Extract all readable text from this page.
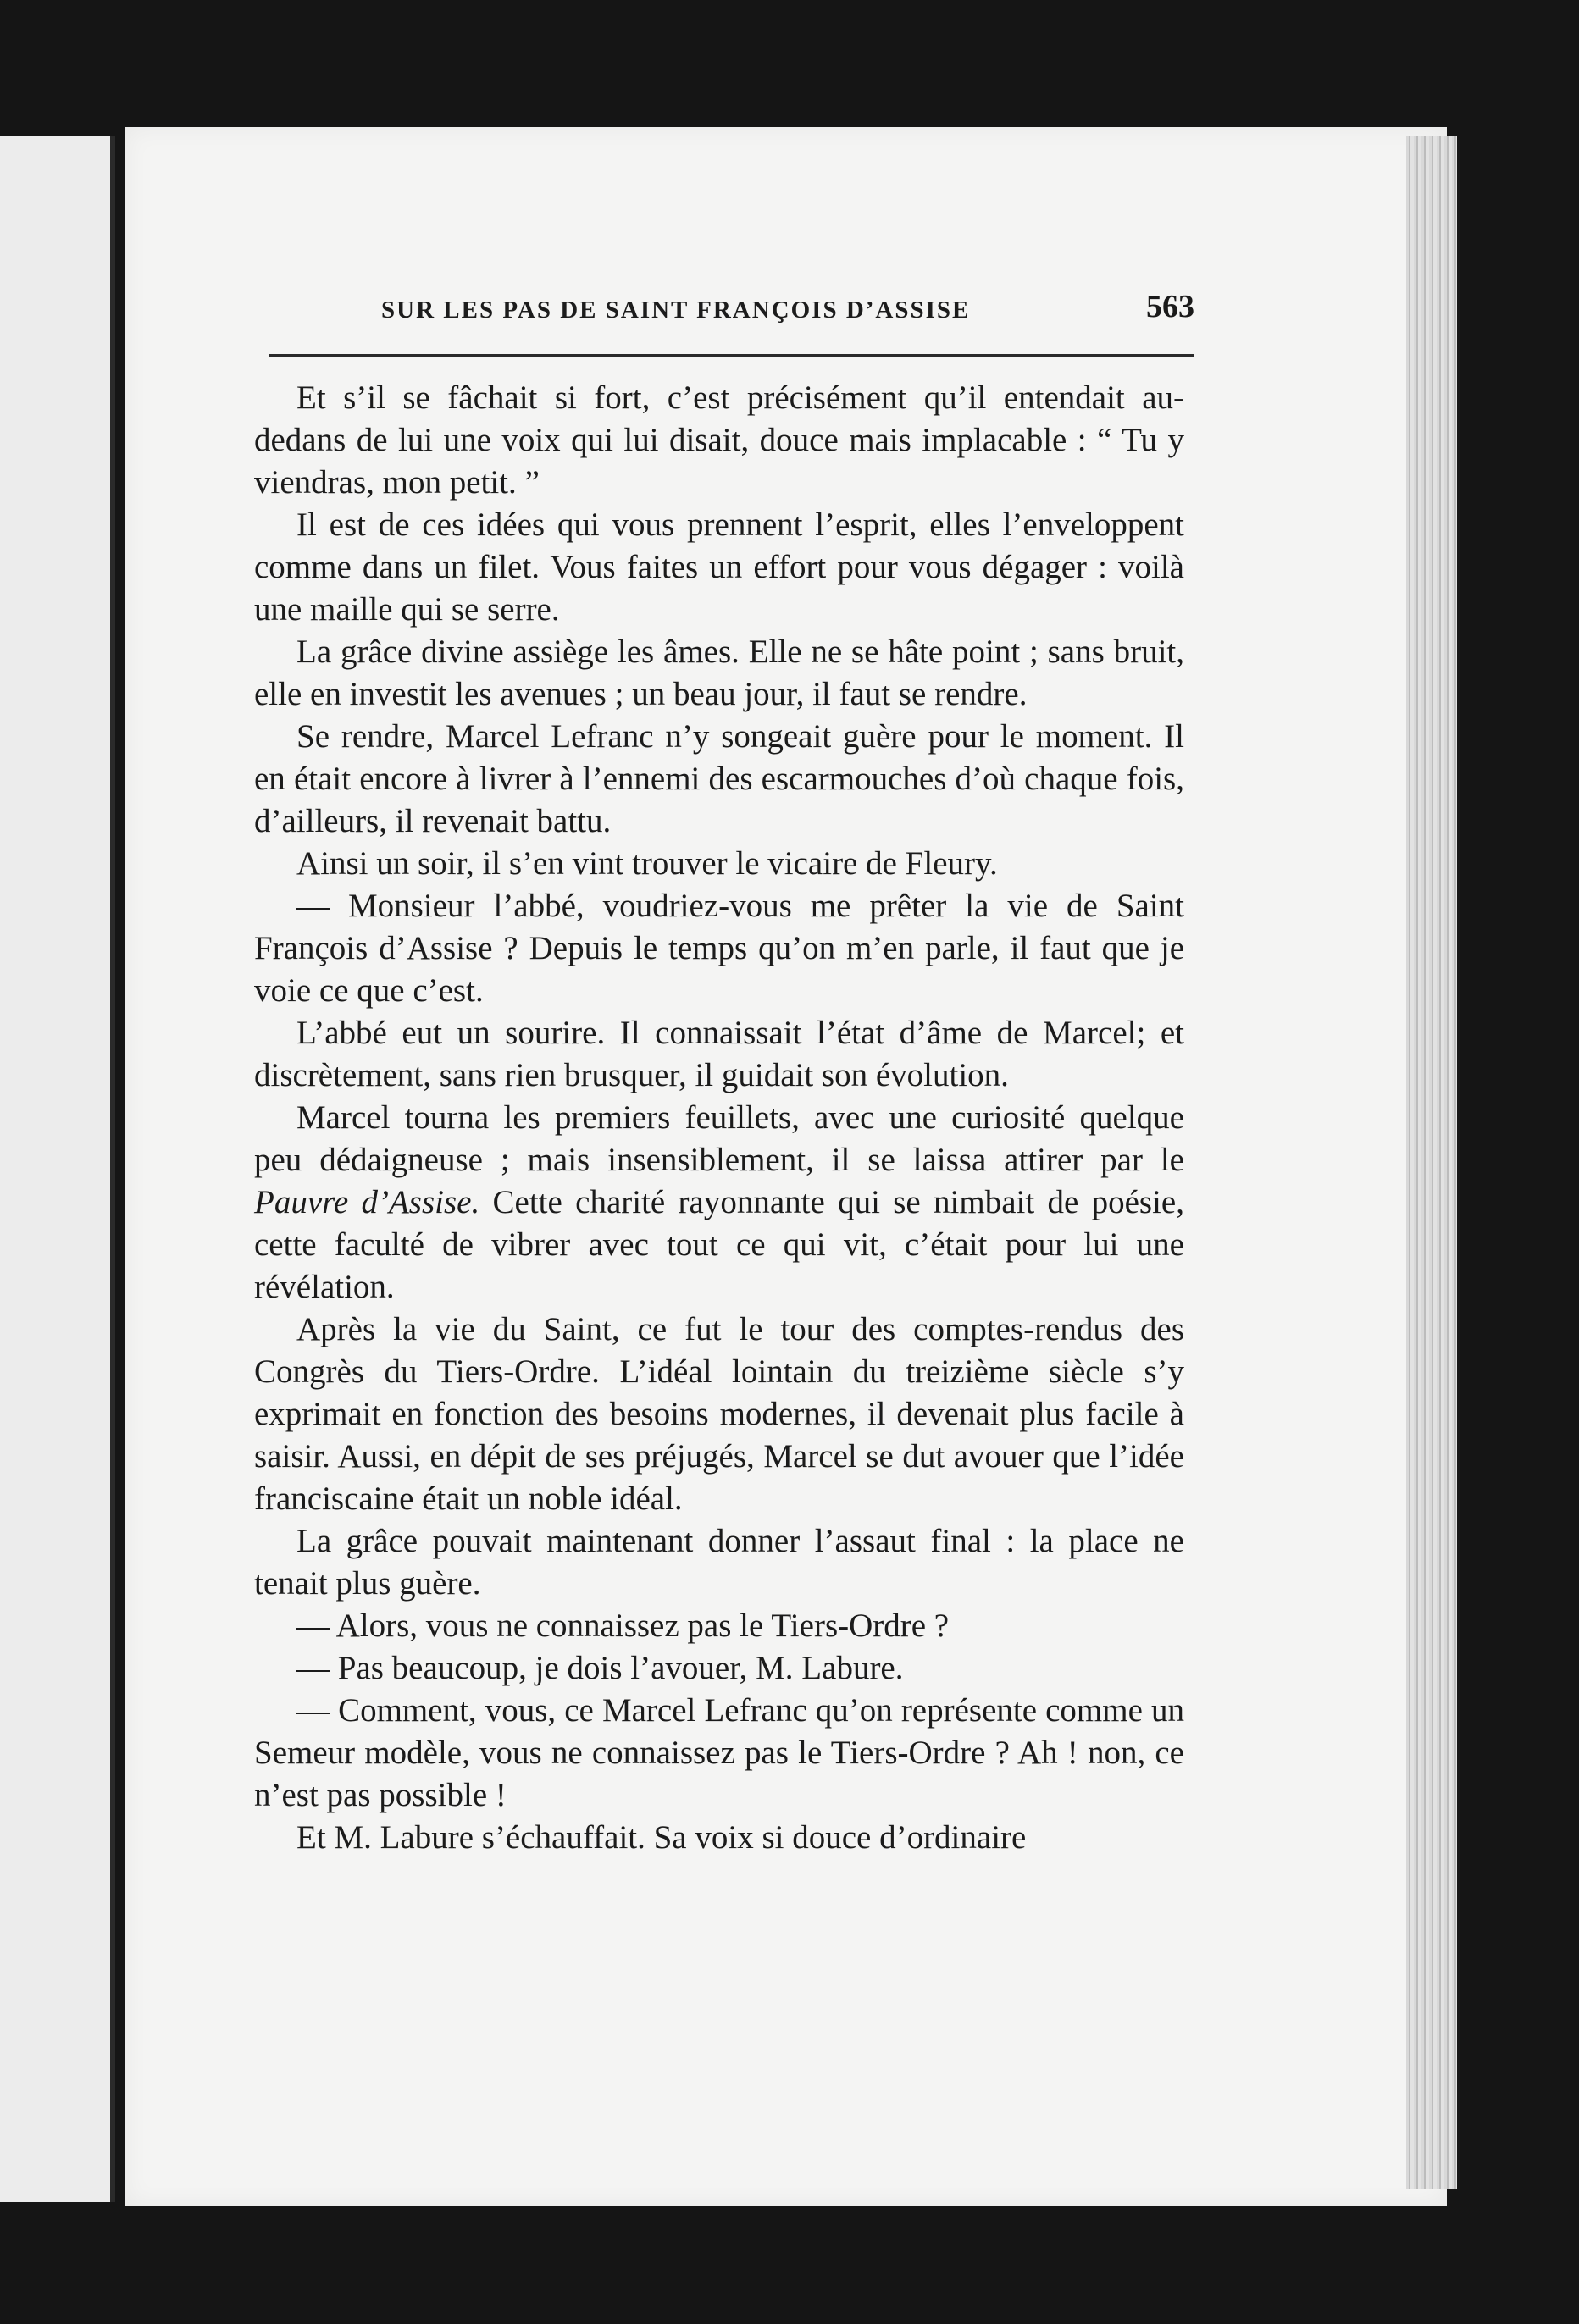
SUR LES PAS DE SAINT FRANÇOIS D’ASSISE	563

Et s’il se fâchait si fort, c’est précisément qu’il entendait au-dedans de lui une voix qui lui disait, douce mais implacable : “ Tu y viendras, mon petit. ”

Il est de ces idées qui vous prennent l’esprit, elles l’enveloppent comme dans un filet. Vous faites un effort pour vous dégager : voilà une maille qui se serre.

La grâce divine assiège les âmes. Elle ne se hâte point ; sans bruit, elle en investit les avenues ; un beau jour, il faut se rendre.

Se rendre, Marcel Lefranc n’y songeait guère pour le moment. Il en était encore à livrer à l’ennemi des escarmouches d’où chaque fois, d’ailleurs, il revenait battu.

Ainsi un soir, il s’en vint trouver le vicaire de Fleury.

— Monsieur l’abbé, voudriez-vous me prêter la vie de Saint François d’Assise ? Depuis le temps qu’on m’en parle, il faut que je voie ce que c’est.

L’abbé eut un sourire. Il connaissait l’état d’âme de Marcel; et discrètement, sans rien brusquer, il guidait son évolution.

Marcel tourna les premiers feuillets, avec une curiosité quelque peu dédaigneuse ; mais insensiblement, il se laissa attirer par le Pauvre d’Assise. Cette charité rayonnante qui se nimbait de poésie, cette faculté de vibrer avec tout ce qui vit, c’était pour lui une révélation.

Après la vie du Saint, ce fut le tour des comptes-rendus des Congrès du Tiers-Ordre. L’idéal lointain du treizième siècle s’y exprimait en fonction des besoins modernes, il devenait plus facile à saisir. Aussi, en dépit de ses préjugés, Marcel se dut avouer que l’idée franciscaine était un noble idéal.

La grâce pouvait maintenant donner l’assaut final : la place ne tenait plus guère.

— Alors, vous ne connaissez pas le Tiers-Ordre ?

— Pas beaucoup, je dois l’avouer, M. Labure.

— Comment, vous, ce Marcel Lefranc qu’on représente comme un Semeur modèle, vous ne connaissez pas le Tiers-Ordre ? Ah ! non, ce n’est pas possible !

Et M. Labure s’échauffait. Sa voix si douce d’ordinaire
